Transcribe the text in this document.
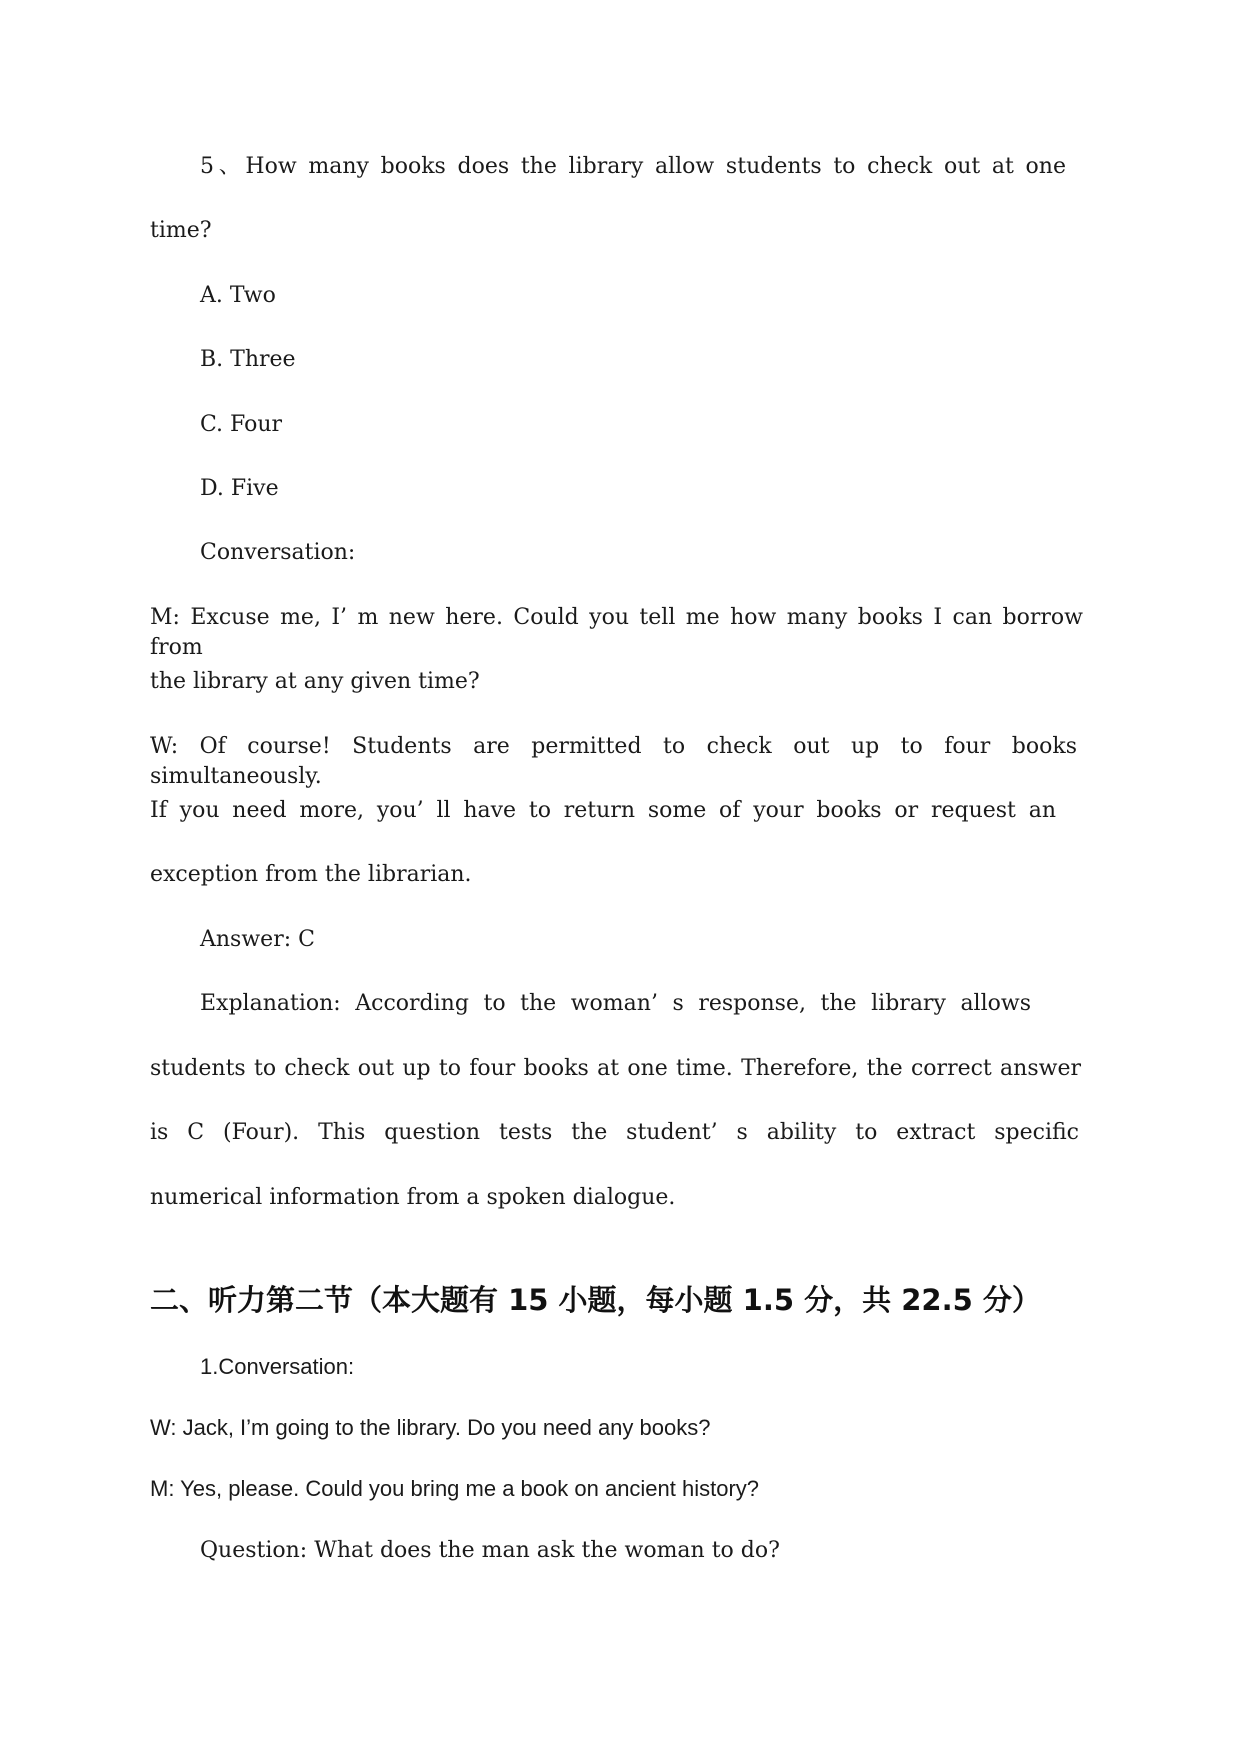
5、How many books does the library allow students to check out at one
time?
A. Two
B. Three
C. Four
D. Five
Conversation:
M: Excuse me, I’ m new here. Could you tell me how many books I can borrow from
the library at any given time?
W: Of course! Students are permitted to check out up to four books simultaneously.
If you need more, you’ ll have to return some of your books or request an
exception from the librarian.
Answer: C
Explanation: According to the woman’ s response, the library allows
students to check out up to four books at one time. Therefore, the correct answer
is C (Four). This question tests the student’ s ability to extract specific
numerical information from a spoken dialogue.
二、听力第二节（本大题有 15 小题，每小题 1.5 分，共 22.5 分）
1.Conversation:
W: Jack, I’m going to the library. Do you need any books?
M: Yes, please. Could you bring me a book on ancient history?
Question: What does the man ask the woman to do?
